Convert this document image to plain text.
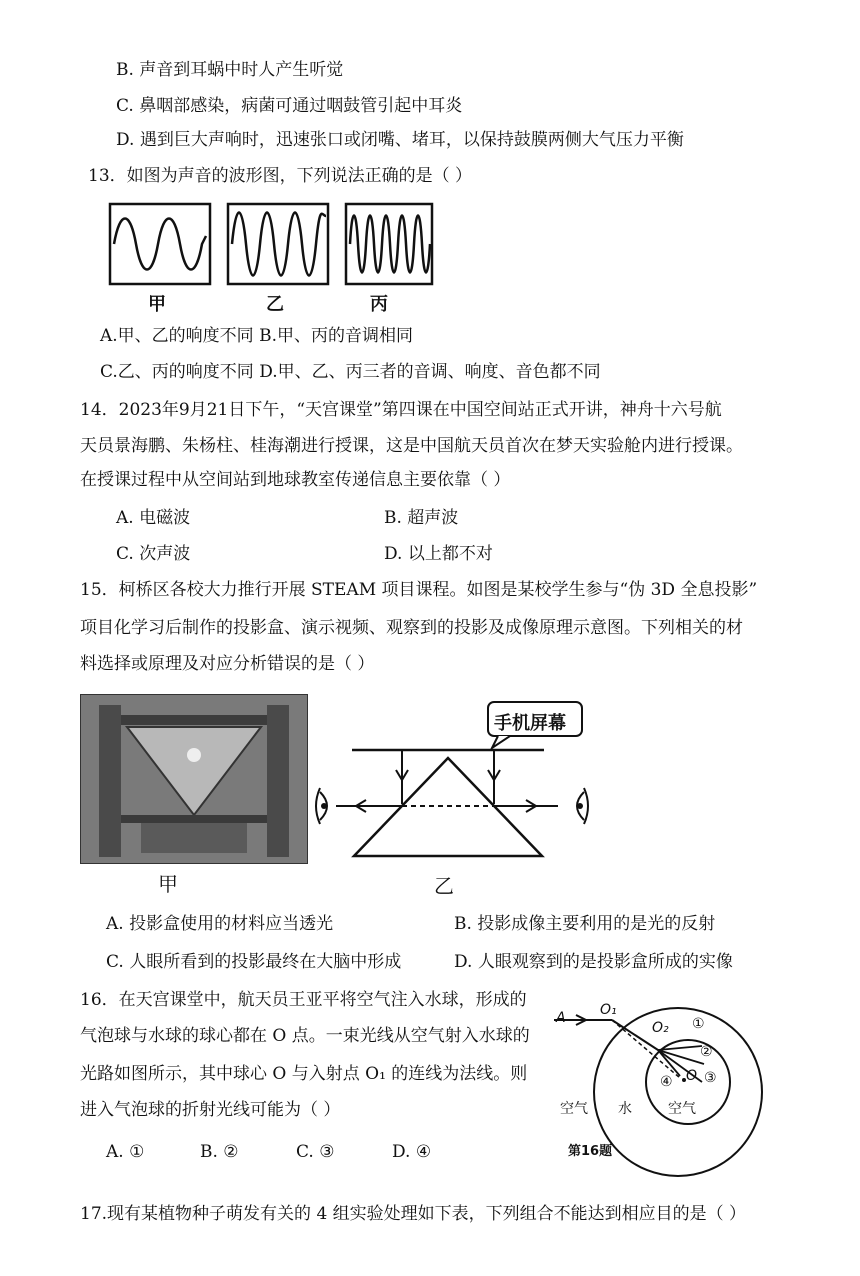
B. 声音到耳蜗中时人产生听觉
C. 鼻咽部感染，病菌可通过咽鼓管引起中耳炎
D. 遇到巨大声响时，迅速张口或闭嘴、堵耳，以保持鼓膜两侧大气压力平衡
13．如图为声音的波形图，下列说法正确的是（ ）
甲	乙	丙
A.甲、乙的响度不同 B.甲、丙的音调相同
C.乙、丙的响度不同 D.甲、乙、丙三者的音调、响度、音色都不同
14．2023年9月21日下午，“天宫课堂”第四课在中国空间站正式开讲，神舟十六号航
天员景海鹏、朱杨柱、桂海潮进行授课，这是中国航天员首次在梦天实验舱内进行授课。
在授课过程中从空间站到地球教室传递信息主要依靠（ ）
A. 电磁波	B. 超声波
C. 次声波	D. 以上都不对
15．柯桥区各校大力推行开展 STEAM 项目课程。如图是某校学生参与“伪 3D 全息投影”
项目化学习后制作的投影盒、演示视频、观察到的投影及成像原理示意图。下列相关的材
料选择或原理及对应分析错误的是（ ）
手机屏幕
甲	乙
A. 投影盒使用的材料应当透光	B. 投影成像主要利用的是光的反射
C. 人眼所看到的投影最终在大脑中形成	D. 人眼观察到的是投影盒所成的实像
16．在天宫课堂中，航天员王亚平将空气注入水球，形成的
气泡球与水球的球心都在 O 点。一束光线从空气射入水球的
光路如图所示，其中球心 O 与入射点 O₁ 的连线为法线。则
进入气泡球的折射光线可能为（ ）
A. ①	B. ②	C. ③	D. ④
A O₁
O₂ ①
②
③
④ O
空气 水	空气
第16题
17.现有某植物种子萌发有关的 4 组实验处理如下表，下列组合不能达到相应目的是（ ）
